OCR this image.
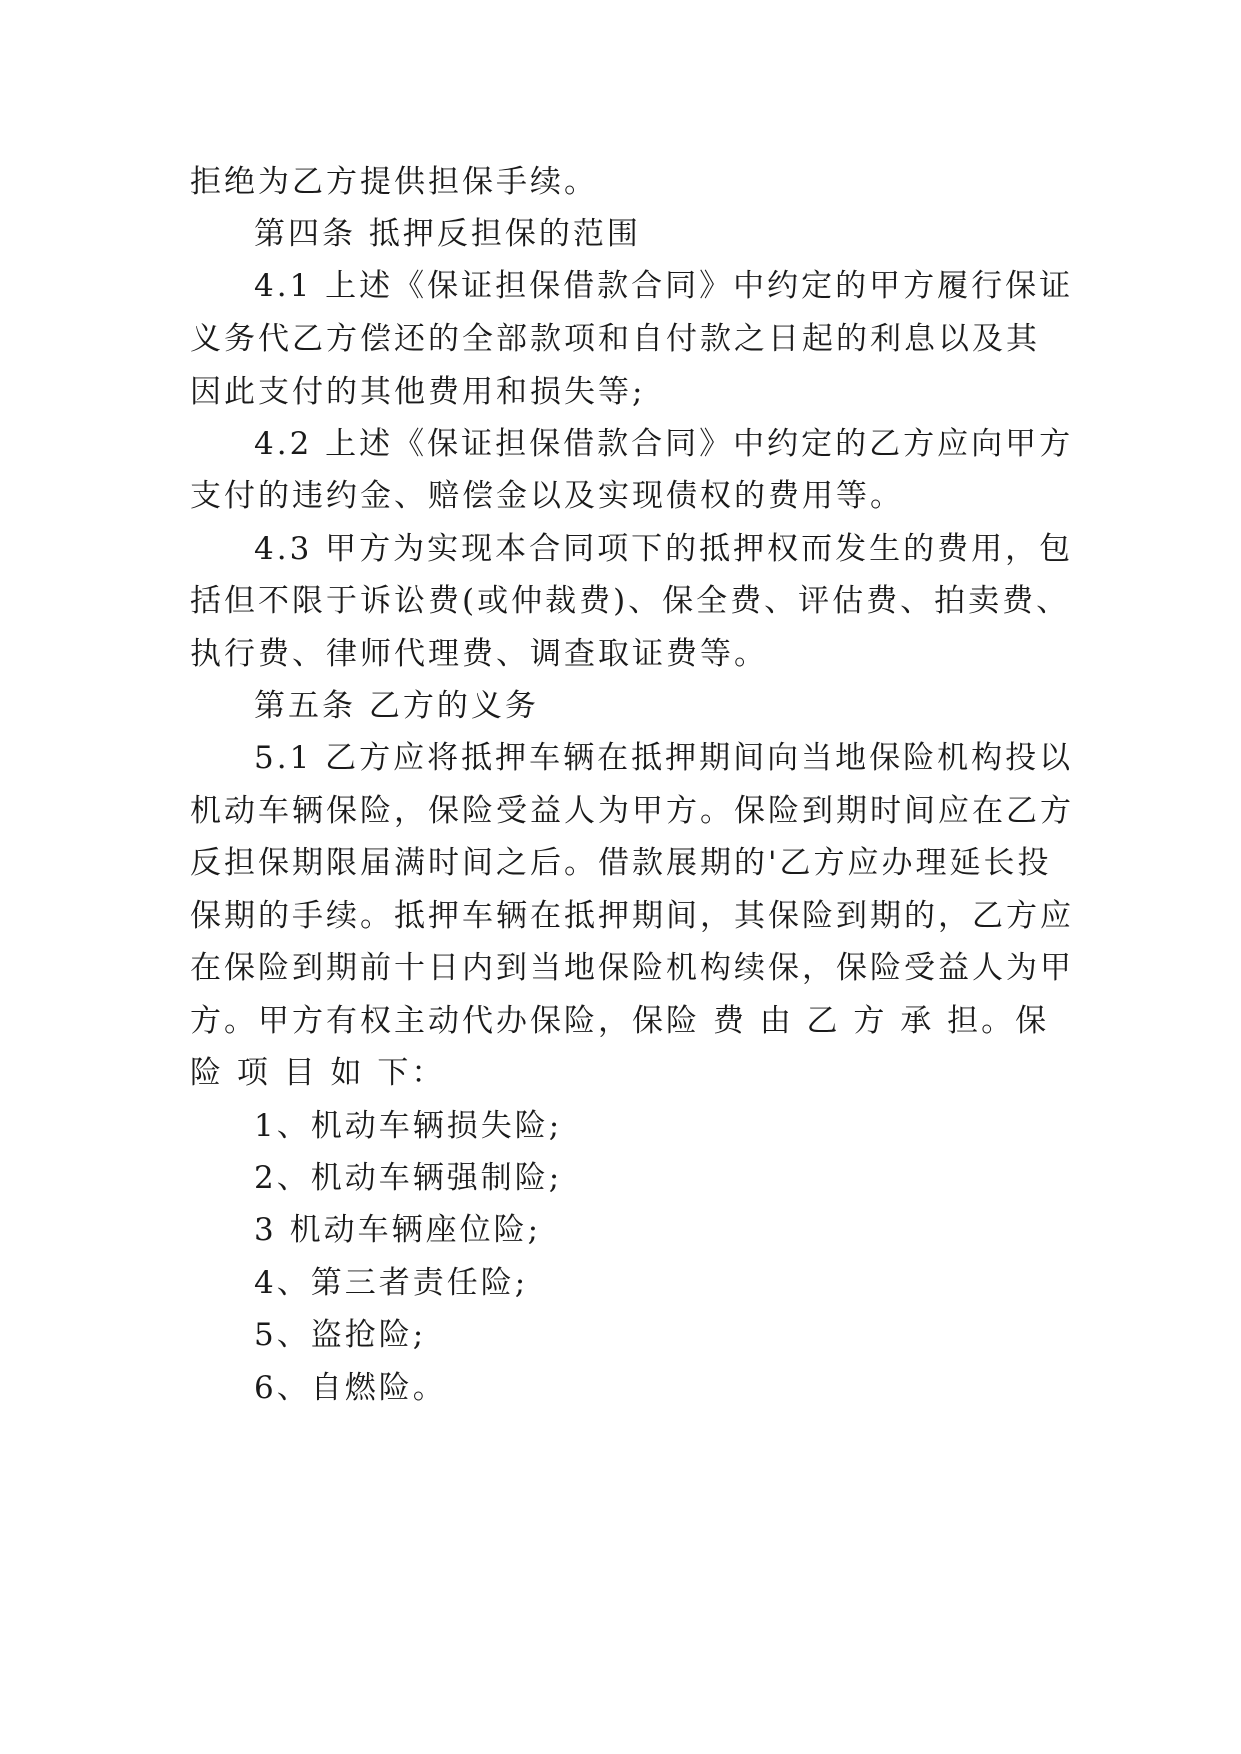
拒绝为乙方提供担保手续。
第四条 抵押反担保的范围
4.1 上述《保证担保借款合同》中约定的甲方履行保证
义务代乙方偿还的全部款项和自付款之日起的利息以及其
因此支付的其他费用和损失等;
4.2 上述《保证担保借款合同》中约定的乙方应向甲方
支付的违约金、赔偿金以及实现债权的费用等。
4.3 甲方为实现本合同项下的抵押权而发生的费用，包
括但不限于诉讼费(或仲裁费)、保全费、评估费、拍卖费、
执行费、律师代理费、调查取证费等。
第五条 乙方的义务
5.1 乙方应将抵押车辆在抵押期间向当地保险机构投以
机动车辆保险，保险受益人为甲方。保险到期时间应在乙方
反担保期限届满时间之后。借款展期的'乙方应办理延长投
保期的手续。抵押车辆在抵押期间，其保险到期的，乙方应
在保险到期前十日内到当地保险机构续保，保险受益人为甲
方。甲方有权主动代办保险，保险 费 由 乙 方 承 担。保
险 项 目 如 下：
1、机动车辆损失险;
2、机动车辆强制险;
3 机动车辆座位险;
4、第三者责任险;
5、盗抢险;
6、自燃险。
